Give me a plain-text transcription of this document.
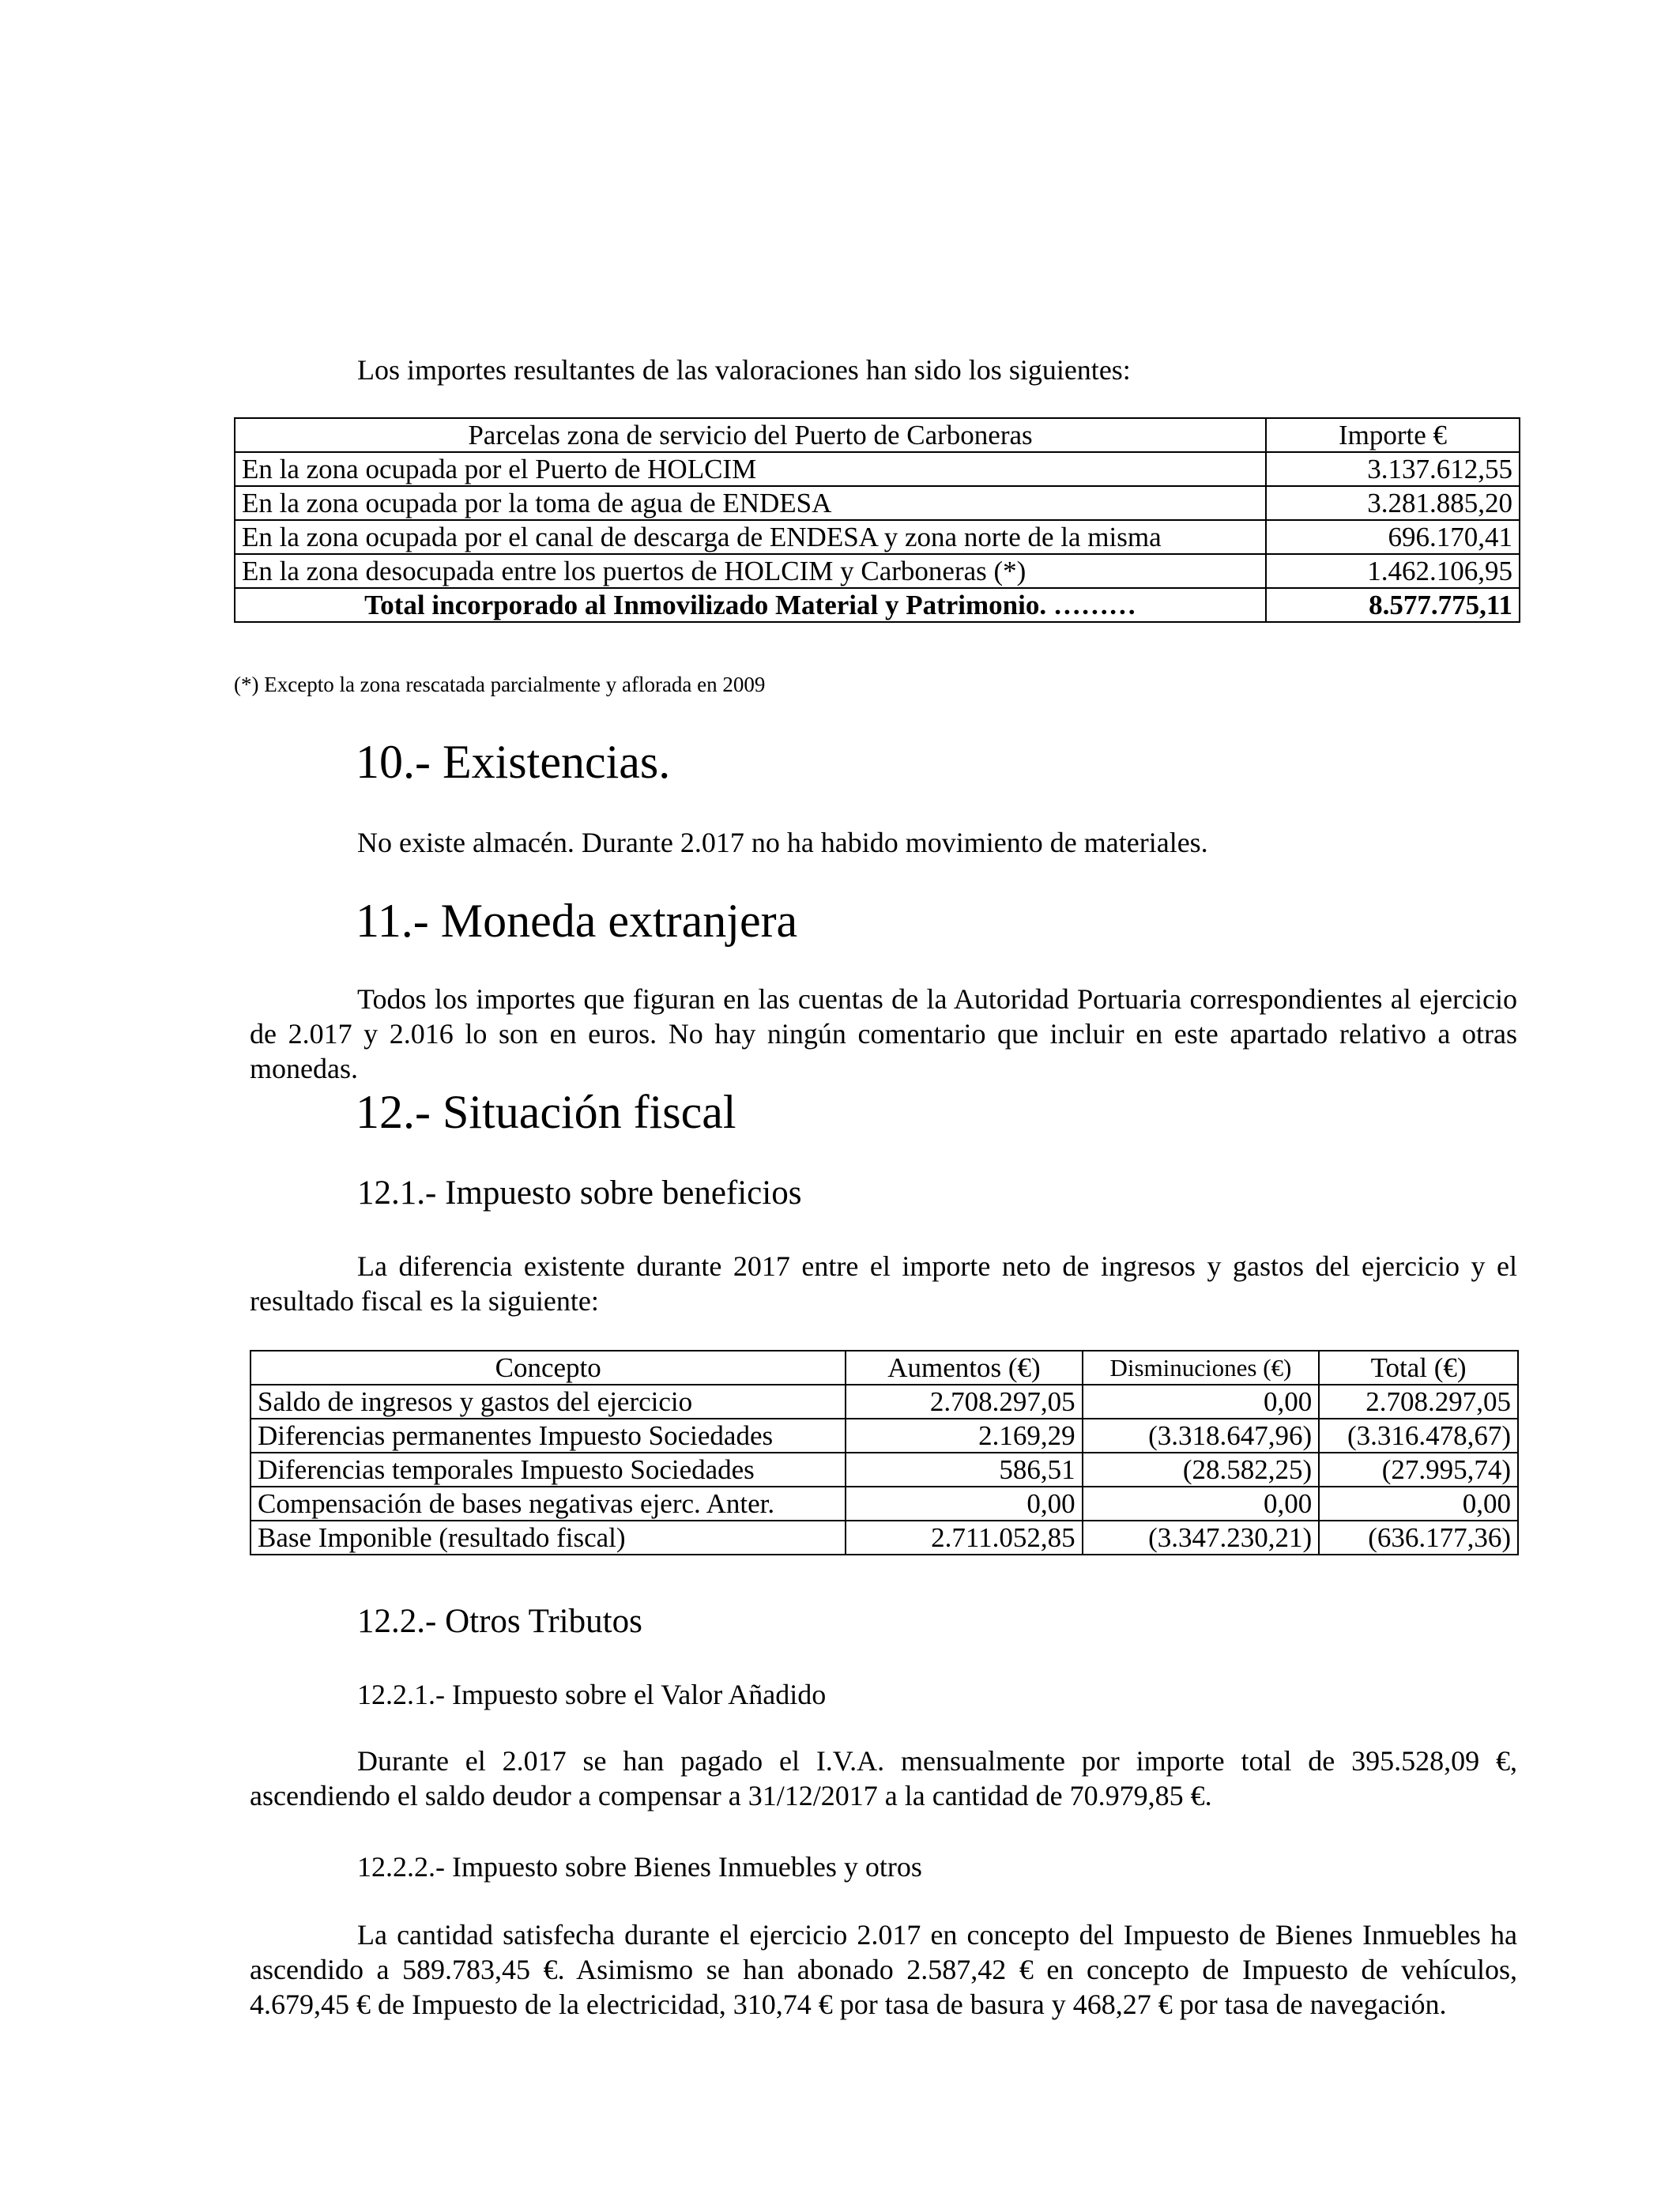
Los importes resultantes de las valoraciones han sido los siguientes:
Parcelas zona de servicio del Puerto de Carboneras	Importe €
En la zona ocupada por el Puerto de HOLCIM	3.137.612,55
En la zona ocupada por la toma de agua de ENDESA	3.281.885,20
En la zona ocupada por el canal de descarga de ENDESA y zona norte de la misma	696.170,41
En la zona desocupada entre los puertos de HOLCIM y Carboneras (*)	1.462.106,95
Total incorporado al Inmovilizado Material y Patrimonio. ………	8.577.775,11
(*) Excepto la zona rescatada parcialmente y aflorada en 2009
10.- Existencias.
No existe almacén. Durante 2.017 no ha habido movimiento de materiales.
11.- Moneda extranjera
Todos los importes que figuran en las cuentas de la Autoridad Portuaria correspondientes al ejercicio de 2.017 y 2.016 lo son en euros. No hay ningún comentario que incluir en este apartado relativo a otras monedas.
12.- Situación fiscal
12.1.- Impuesto sobre beneficios
La diferencia existente durante 2017 entre el importe neto de ingresos y gastos del ejercicio y el resultado fiscal es la siguiente:
Concepto	Aumentos (€)	Disminuciones (€)	Total (€)
Saldo de ingresos y gastos del ejercicio	2.708.297,05	0,00	2.708.297,05
Diferencias permanentes Impuesto Sociedades	2.169,29	(3.318.647,96)	(3.316.478,67)
Diferencias temporales Impuesto Sociedades	586,51	(28.582,25)	(27.995,74)
Compensación de bases negativas ejerc. Anter.	0,00	0,00	0,00
Base Imponible (resultado fiscal)	2.711.052,85	(3.347.230,21)	(636.177,36)
12.2.- Otros Tributos
12.2.1.- Impuesto sobre el Valor Añadido
Durante el 2.017 se han pagado el I.V.A. mensualmente por importe total de 395.528,09 €, ascendiendo el saldo deudor a compensar a 31/12/2017 a la cantidad de 70.979,85 €.
12.2.2.- Impuesto sobre Bienes Inmuebles y otros
La cantidad satisfecha durante el ejercicio 2.017 en concepto del Impuesto de Bienes Inmuebles ha ascendido a 589.783,45 €. Asimismo se han abonado 2.587,42 € en concepto de Impuesto de vehículos, 4.679,45 € de Impuesto de la electricidad, 310,74 € por tasa de basura y 468,27 € por tasa de navegación.
